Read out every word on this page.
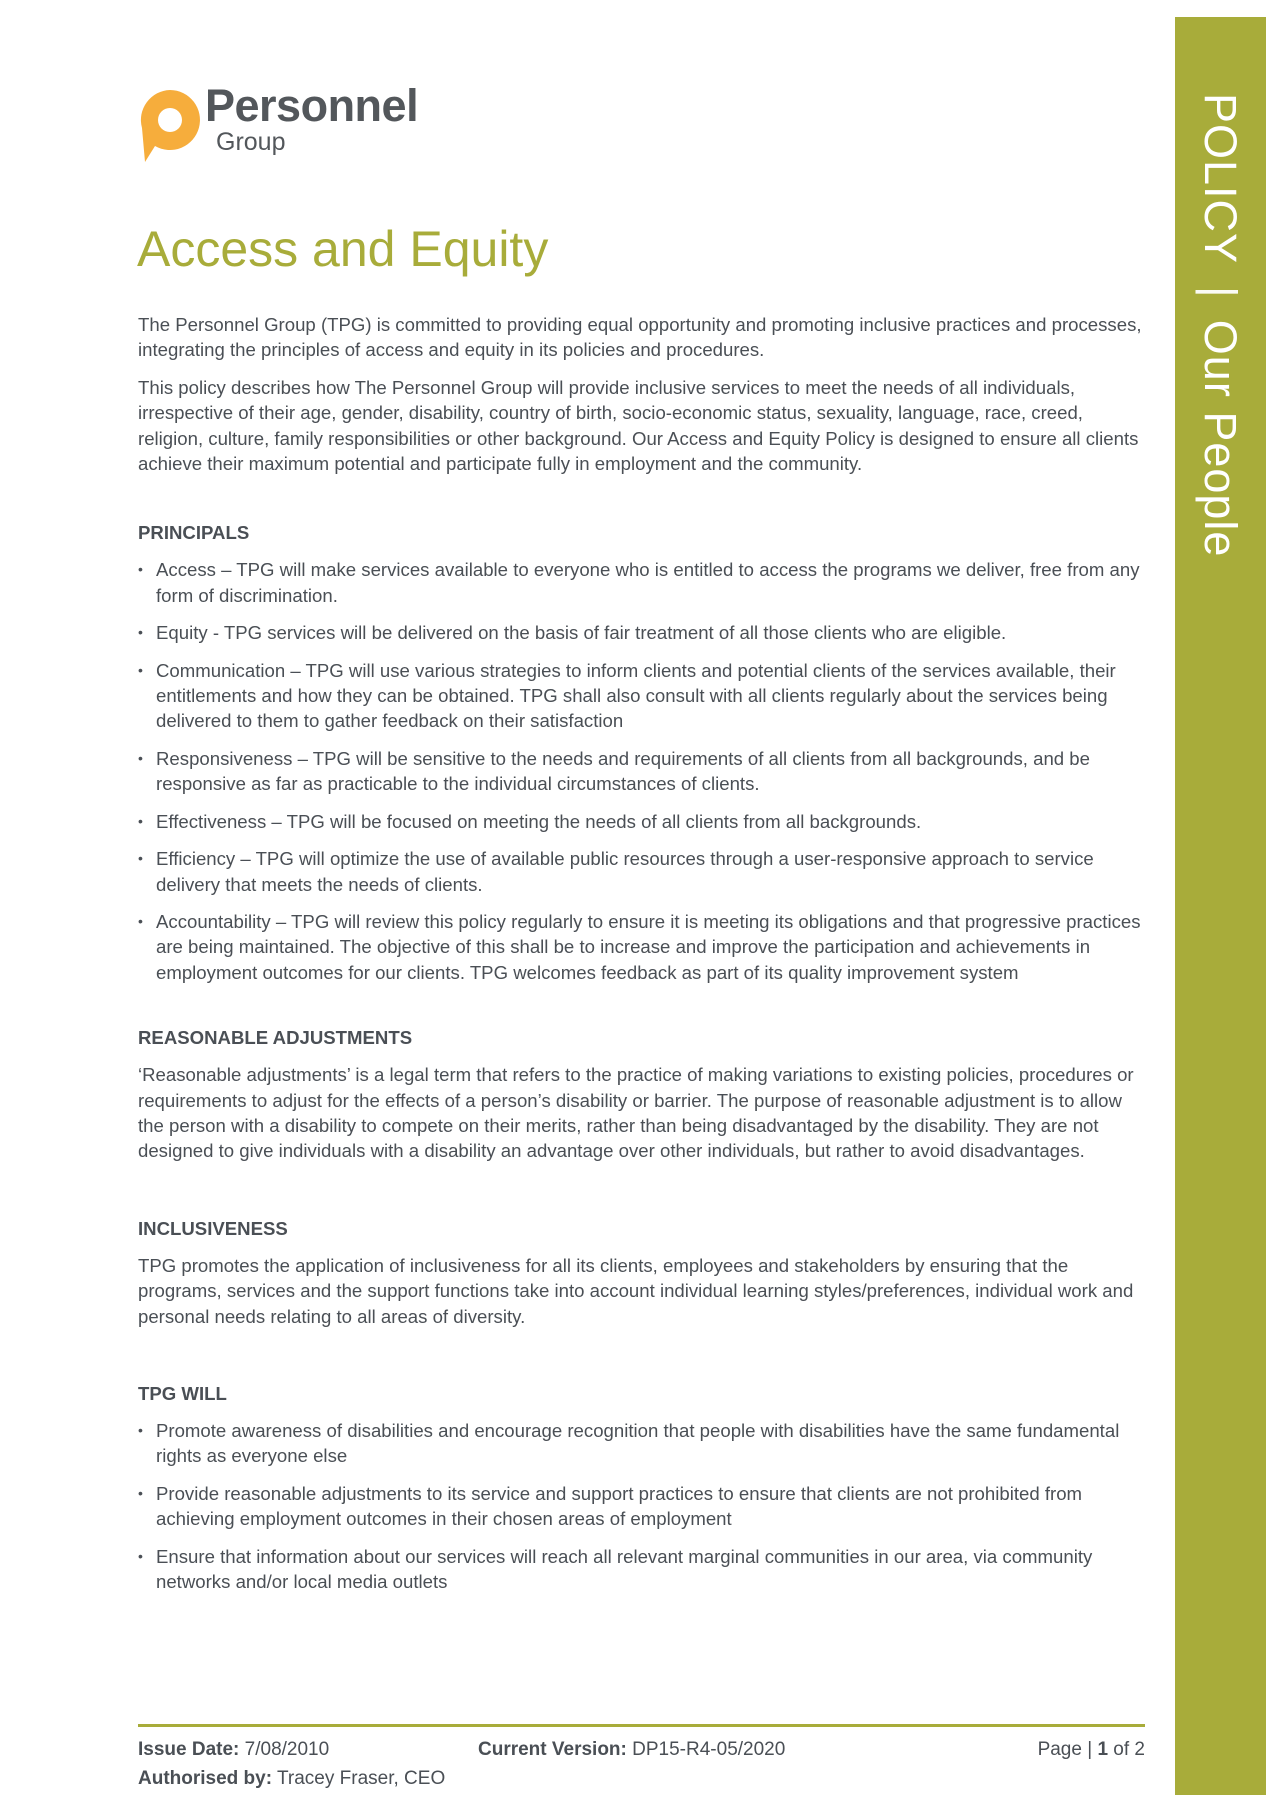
POLICY | Our People
Personnel
Group
Access and Equity

The Personnel Group (TPG) is committed to providing equal opportunity and promoting inclusive practices and processes, integrating the principles of access and equity in its policies and procedures.

This policy describes how The Personnel Group will provide inclusive services to meet the needs of all individuals, irrespective of their age, gender, disability, country of birth, socio-economic status, sexuality, language, race, creed, religion, culture, family responsibilities or other background. Our Access and Equity Policy is designed to ensure all clients achieve their maximum potential and participate fully in employment and the community.

PRINCIPALS
• Access – TPG will make services available to everyone who is entitled to access the programs we deliver, free from any form of discrimination.
• Equity - TPG services will be delivered on the basis of fair treatment of all those clients who are eligible.
• Communication – TPG will use various strategies to inform clients and potential clients of the services available, their entitlements and how they can be obtained. TPG shall also consult with all clients regularly about the services being delivered to them to gather feedback on their satisfaction
• Responsiveness – TPG will be sensitive to the needs and requirements of all clients from all backgrounds, and be responsive as far as practicable to the individual circumstances of clients.
• Effectiveness – TPG will be focused on meeting the needs of all clients from all backgrounds.
• Efficiency – TPG will optimize the use of available public resources through a user-responsive approach to service delivery that meets the needs of clients.
• Accountability – TPG will review this policy regularly to ensure it is meeting its obligations and that progressive practices are being maintained. The objective of this shall be to increase and improve the participation and achievements in employment outcomes for our clients. TPG welcomes feedback as part of its quality improvement system
REASONABLE ADJUSTMENTS

‘Reasonable adjustments’ is a legal term that refers to the practice of making variations to existing policies, procedures or requirements to adjust for the effects of a person’s disability or barrier. The purpose of reasonable adjustment is to allow the person with a disability to compete on their merits, rather than being disadvantaged by the disability. They are not designed to give individuals with a disability an advantage over other individuals, but rather to avoid disadvantages.

INCLUSIVENESS

TPG promotes the application of inclusiveness for all its clients, employees and stakeholders by ensuring that the programs, services and the support functions take into account individual learning styles/preferences, individual work and personal needs relating to all areas of diversity.

TPG WILL
• Promote awareness of disabilities and encourage recognition that people with disabilities have the same fundamental rights as everyone else
• Provide reasonable adjustments to its service and support practices to ensure that clients are not prohibited from achieving employment outcomes in their chosen areas of employment
• Ensure that information about our services will reach all relevant marginal communities in our area, via community networks and/or local media outlets
Issue Date: 7/08/2010
Authorised by: Tracey Fraser, CEO
Current Version: DP15-R4-05/2020	Page | 1 of 2
